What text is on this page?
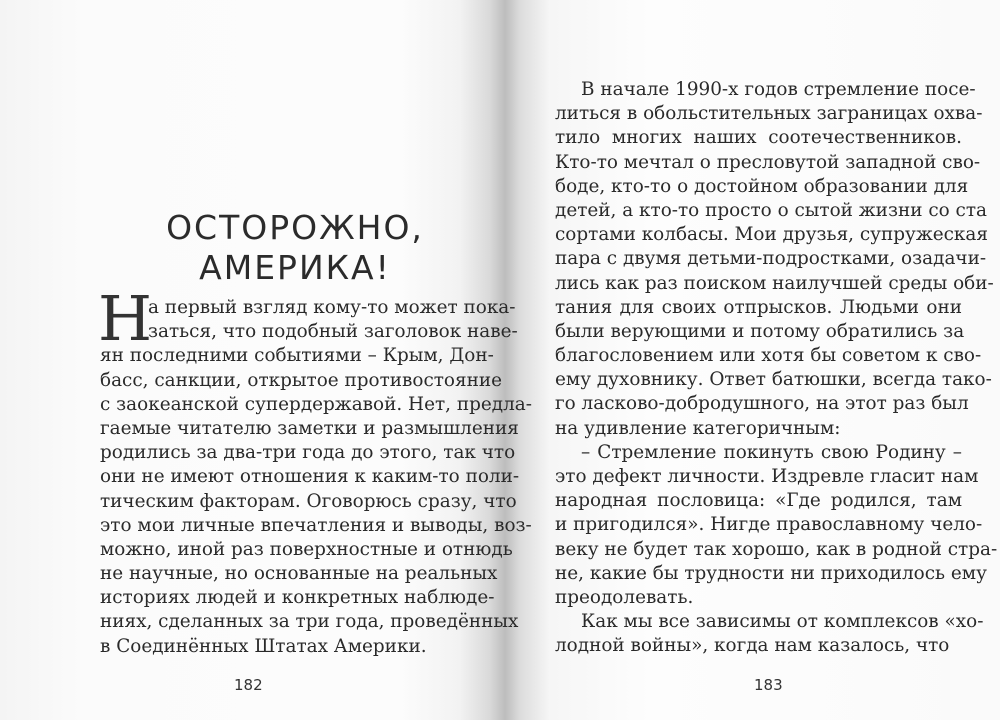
ОСТОРОЖНО,
АМЕРИКА!
Н
а первый взгляд кому-то может пока-
заться, что подобный заголовок наве-
ян последними событиями – Крым, Дон-
басс, санкции, открытое противостояние
с заокеанской супердержавой. Нет, предла-
гаемые читателю заметки и размышления
родились за два-три года до этого, так что
они не имеют отношения к каким-то поли-
тическим факторам. Оговорюсь сразу, что
это мои личные впечатления и выводы, воз-
можно, иной раз поверхностные и отнюдь
не научные, но основанные на реальных
историях людей и конкретных наблюде-
ниях, сделанных за три года, проведённых
в Соединённых Штатах Америки.
182
В начале 1990-х годов стремление посе-
литься в обольстительных заграницах охва-
тило многих наших соотечественников.
Кто-то мечтал о пресловутой западной сво-
боде, кто-то о достойном образовании для
детей, а кто-то просто о сытой жизни со ста
сортами колбасы. Мои друзья, супружеская
пара с двумя детьми-подростками, озадачи-
лись как раз поиском наилучшей среды оби-
тания для своих отпрысков. Людьми они
были верующими и потому обратились за
благословением или хотя бы советом к сво-
ему духовнику. Ответ батюшки, всегда тако-
го ласково-добродушного, на этот раз был
на удивление категоричным:
– Стремление покинуть свою Родину –
это дефект личности. Издревле гласит нам
народная пословица: «Где родился, там
и пригодился». Нигде православному чело-
веку не будет так хорошо, как в родной стра-
не, какие бы трудности ни приходилось ему
преодолевать.
Как мы все зависимы от комплексов «хо-
лодной войны», когда нам казалось, что
183
